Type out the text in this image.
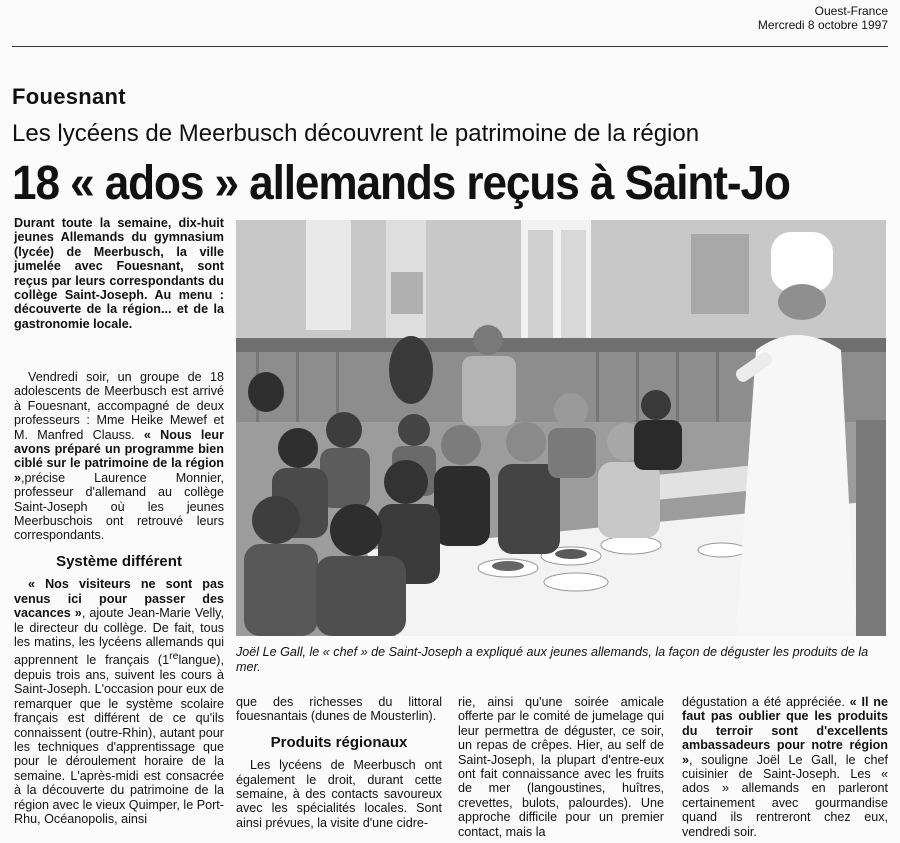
Ouest-France
Mercredi 8 octobre 1997
Fouesnant
Les lycéens de Meerbusch découvrent le patrimoine de la région
18 « ados » allemands reçus à Saint-Jo
Durant toute la semaine, dix-huit jeunes Allemands du gymnasium (lycée) de Meerbusch, la ville jumelée avec Fouesnant, sont reçus par leurs correspondants du collège Saint-Joseph. Au menu : découverte de la région... et de la gastronomie locale.

Vendredi soir, un groupe de 18 adolescents de Meerbusch est arrivé à Fouesnant, accompagné de deux professeurs : Mme Heike Mewef et M. Manfred Clauss. « Nous leur avons préparé un programme bien ciblé sur le patrimoine de la région »,précise Laurence Monnier, professeur d'allemand au collège Saint-Joseph où les jeunes Meerbuschois ont retrouvé leurs correspondants.

Système différent

« Nos visiteurs ne sont pas venus ici pour passer des vacances », ajoute Jean-Marie Velly, le directeur du collège. De fait, tous les matins, les lycéens allemands qui apprennent le français (1relangue), depuis trois ans, suivent les cours à Saint-Joseph. L'occasion pour eux de remarquer que le système scolaire français est différent de ce qu'ils connaissent (outre-Rhin), autant pour les techniques d'apprentissage que pour le déroulement horaire de la semaine. L'après-midi est consacrée à la découverte du patrimoine de la région avec le vieux Quimper, le Port-Rhu, Océanopolis, ainsi

Joël Le Gall, le « chef » de Saint-Joseph a expliqué aux jeunes allemands, la façon de déguster les produits de la mer.

que des richesses du littoral fouesnantais (dunes de Mousterlin).

Produits régionaux

Les lycéens de Meerbusch ont également le droit, durant cette semaine, à des contacts savoureux avec les spécialités locales. Sont ainsi prévues, la visite d'une cidre-

rie, ainsi qu'une soirée amicale offerte par le comité de jumelage qui leur permettra de déguster, ce soir, un repas de crêpes. Hier, au self de Saint-Joseph, la plupart d'entre-eux ont fait connaissance avec les fruits de mer (langoustines, huîtres, crevettes, bulots, palourdes). Une approche difficile pour un premier contact, mais la

dégustation a été appréciée. « Il ne faut pas oublier que les produits du terroir sont d'excellents ambassadeurs pour notre région », souligne Joël Le Gall, le chef cuisinier de Saint-Joseph. Les « ados » allemands en parleront certainement avec gourmandise quand ils rentreront chez eux, vendredi soir.
